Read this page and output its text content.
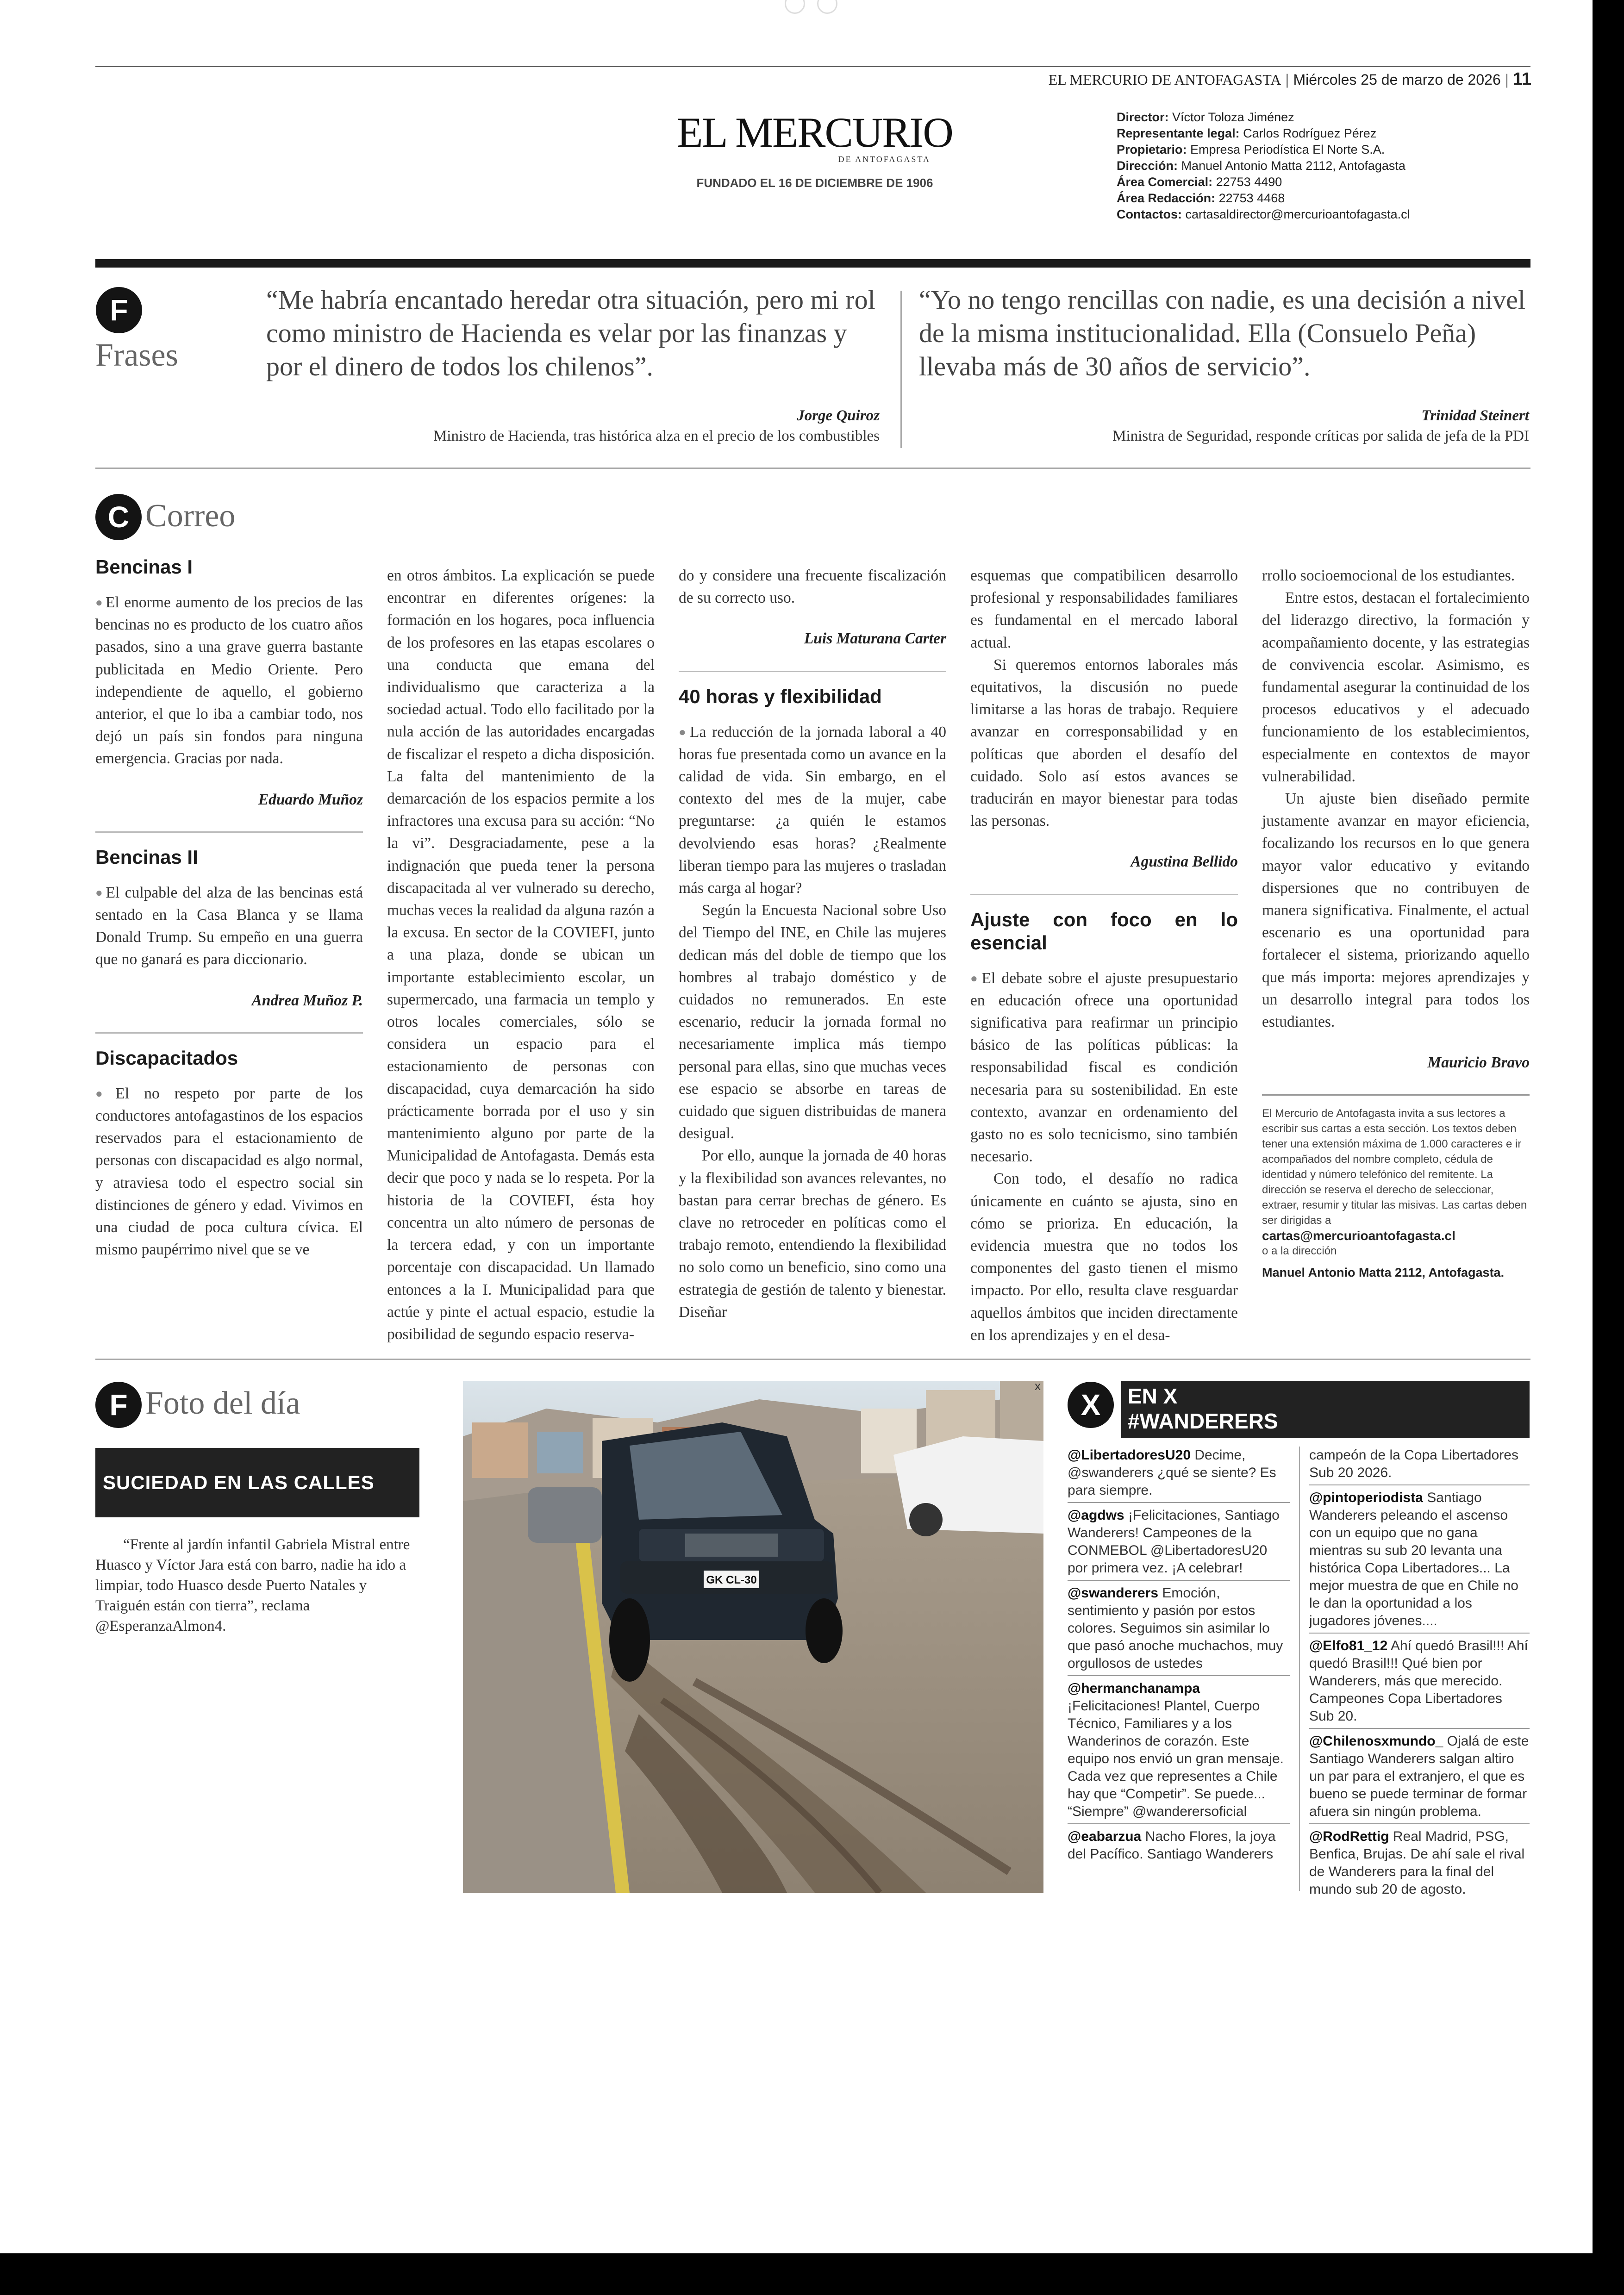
EL MERCURIO DE ANTOFAGASTA | Miércoles 25 de marzo de 2026 | 11
EL MERCURIO
DE ANTOFAGASTA
FUNDADO EL 16 DE DICIEMBRE DE 1906

Director: Víctor Toloza Jiménez

Representante legal: Carlos Rodríguez Pérez

Propietario: Empresa Periodística El Norte S.A.

Dirección: Manuel Antonio Matta 2112, Antofagasta

Área Comercial: 22753 4490

Área Redacción: 22753 4468

Contactos: cartasaldirector@mercurioantofagasta.cl

F
Frases
“Me habría encantado heredar otra situación, pero mi rol como ministro de Hacienda es velar por las finanzas y por el dinero de todos los chilenos”.
Jorge Quiroz
Ministro de Hacienda, tras histórica alza en el precio de los combustibles
“Yo no tengo rencillas con nadie, es una decisión a nivel de la misma institucionalidad. Ella (Consuelo Peña) llevaba más de 30 años de servicio”.
Trinidad Steinert
Ministra de Seguridad, responde críticas por salida de jefa de la PDI
C Correo
Bencinas I

● El enorme aumento de los precios de las bencinas no es producto de los cuatro años pasados, sino a una grave guerra bastante publicitada en Medio Oriente. Pero independiente de aquello, el gobierno anterior, el que lo iba a cambiar todo, nos dejó un país sin fondos para ninguna emergencia. Gracias por nada.

Eduardo Muñoz

Bencinas II

● El culpable del alza de las bencinas está sentado en la Casa Blanca y se llama Donald Trump. Su empeño en una guerra que no ganará es para diccionario.

Andrea Muñoz P.

Discapacitados

● El no respeto por parte de los conductores antofagastinos de los espacios reservados para el estacionamiento de personas con discapacidad es algo normal, y atraviesa todo el espectro social sin distinciones de género y edad. Vivimos en una ciudad de poca cultura cívica. El mismo paupérrimo nivel que se ve

en otros ámbitos. La explicación se puede encontrar en diferentes orígenes: la formación en los hogares, poca influencia de los profesores en las etapas escolares o una conducta que emana del individualismo que caracteriza a la sociedad actual. Todo ello facilitado por la nula acción de las autoridades encargadas de fiscalizar el respeto a dicha disposición. La falta del mantenimiento de la demarcación de los espacios permite a los infractores una excusa para su acción: “No la vi”. Desgraciadamente, pese a la indignación que pueda tener la persona discapacitada al ver vulnerado su derecho, muchas veces la realidad da alguna razón a la excusa. En sector de la COVIEFI, junto a una plaza, donde se ubican un importante establecimiento escolar, un supermercado, una farmacia un templo y otros locales comerciales, sólo se considera un espacio para el estacionamiento de personas con discapacidad, cuya demarcación ha sido prácticamente borrada por el uso y sin mantenimiento alguno por parte de la Municipalidad de Antofagasta. Demás esta decir que poco y nada se lo respeta. Por la historia de la COVIEFI, ésta hoy concentra un alto número de personas de la tercera edad, y con un importante porcentaje con discapacidad. Un llamado entonces a la I. Municipalidad para que actúe y pinte el actual espacio, estudie la posibilidad de segundo espacio reserva-

do y considere una frecuente fiscalización de su correcto uso.

Luis Maturana Carter

40 horas y flexibilidad

● La reducción de la jornada laboral a 40 horas fue presentada como un avance en la calidad de vida. Sin embargo, en el contexto del mes de la mujer, cabe preguntarse: ¿a quién le estamos devolviendo esas horas? ¿Realmente liberan tiempo para las mujeres o trasladan más carga al hogar?

Según la Encuesta Nacional sobre Uso del Tiempo del INE, en Chile las mujeres dedican más del doble de tiempo que los hombres al trabajo doméstico y de cuidados no remunerados. En este escenario, reducir la jornada formal no necesariamente implica más tiempo personal para ellas, sino que muchas veces ese espacio se absorbe en tareas de cuidado que siguen distribuidas de manera desigual.

Por ello, aunque la jornada de 40 horas y la flexibilidad son avances relevantes, no bastan para cerrar brechas de género. Es clave no retroceder en políticas como el trabajo remoto, entendiendo la flexibilidad no solo como un beneficio, sino como una estrategia de gestión de talento y bienestar. Diseñar

esquemas que compatibilicen desarrollo profesional y responsabilidades familiares es fundamental en el mercado laboral actual.

Si queremos entornos laborales más equitativos, la discusión no puede limitarse a las horas de trabajo. Requiere avanzar en corresponsabilidad y en políticas que aborden el desafío del cuidado. Solo así estos avances se traducirán en mayor bienestar para todas las personas.

Agustina Bellido

Ajuste con foco en lo esencial

● El debate sobre el ajuste presupuestario en educación ofrece una oportunidad significativa para reafirmar un principio básico de las políticas públicas: la responsabilidad fiscal es condición necesaria para su sostenibilidad. En este contexto, avanzar en ordenamiento del gasto no es solo tecnicismo, sino también necesario.

Con todo, el desafío no radica únicamente en cuánto se ajusta, sino en cómo se prioriza. En educación, la evidencia muestra que no todos los componentes del gasto tienen el mismo impacto. Por ello, resulta clave resguardar aquellos ámbitos que inciden directamente en los aprendizajes y en el desa-

rrollo socioemocional de los estudiantes.

Entre estos, destacan el fortalecimiento del liderazgo directivo, la formación y acompañamiento docente, y las estrategias de convivencia escolar. Asimismo, es fundamental asegurar la continuidad de los procesos educativos y el adecuado funcionamiento de los establecimientos, especialmente en contextos de mayor vulnerabilidad.

Un ajuste bien diseñado permite justamente avanzar en mayor eficiencia, focalizando los recursos en lo que genera mayor valor educativo y evitando dispersiones que no contribuyen de manera significativa. Finalmente, el actual escenario es una oportunidad para fortalecer el sistema, priorizando aquello que más importa: mejores aprendizajes y un desarrollo integral para todos los estudiantes.

Mauricio Bravo

El Mercurio de Antofagasta invita a sus lectores a escribir sus cartas a esta sección. Los textos deben tener una extensión máxima de 1.000 caracteres e ir acompañados del nombre completo, cédula de identidad y número telefónico del remitente. La dirección se reserva el derecho de seleccionar, extraer, resumir y titular las misivas. Las cartas deben ser dirigidas a
cartas@mercurioantofagasta.cl
o a la dirección
Manuel Antonio Matta 2112, Antofagasta.
F Foto del día
SUCIEDAD EN LAS CALLES
“Frente al jardín infantil Gabriela Mistral entre Huasco y Víctor Jara está con barro, nadie ha ido a limpiar, todo Huasco desde Puerto Natales y Traiguén están con tierra”, reclama @EsperanzaAlmon4.
GK CL-30
x
X	EN X
#WANDERERS
@LibertadoresU20 Decime, @swanderers ¿qué se siente? Es para siempre.
@agdws ¡Felicitaciones, Santiago Wanderers! Campeones de la CONMEBOL @LibertadoresU20 por primera vez. ¡A celebrar!
@swanderers Emoción, sentimiento y pasión por estos colores. Seguimos sin asimilar lo que pasó anoche muchachos, muy orgullosos de ustedes
@hermanchanampa ¡Felicitaciones! Plantel, Cuerpo Técnico, Familiares y a los Wanderinos de corazón. Este equipo nos envió un gran mensaje. Cada vez que representes a Chile hay que “Competir”. Se puede... “Siempre” @wanderersoficial
@eabarzua Nacho Flores, la joya del Pacífico. Santiago Wanderers
campeón de la Copa Libertadores Sub 20 2026.
@pintoperiodista Santiago Wanderers peleando el ascenso con un equipo que no gana mientras su sub 20 levanta una histórica Copa Libertadores... La mejor muestra de que en Chile no le dan la oportunidad a los jugadores jóvenes....
@Elfo81_12 Ahí quedó Brasil!!! Ahí quedó Brasil!!! Qué bien por Wanderers, más que merecido. Campeones Copa Libertadores Sub 20.
@Chilenosxmundo_ Ojalá de este Santiago Wanderers salgan altiro un par para el extranjero, el que es bueno se puede terminar de formar afuera sin ningún problema.
@RodRettig Real Madrid, PSG, Benfica, Brujas. De ahí sale el rival de Wanderers para la final del mundo sub 20 de agosto.
